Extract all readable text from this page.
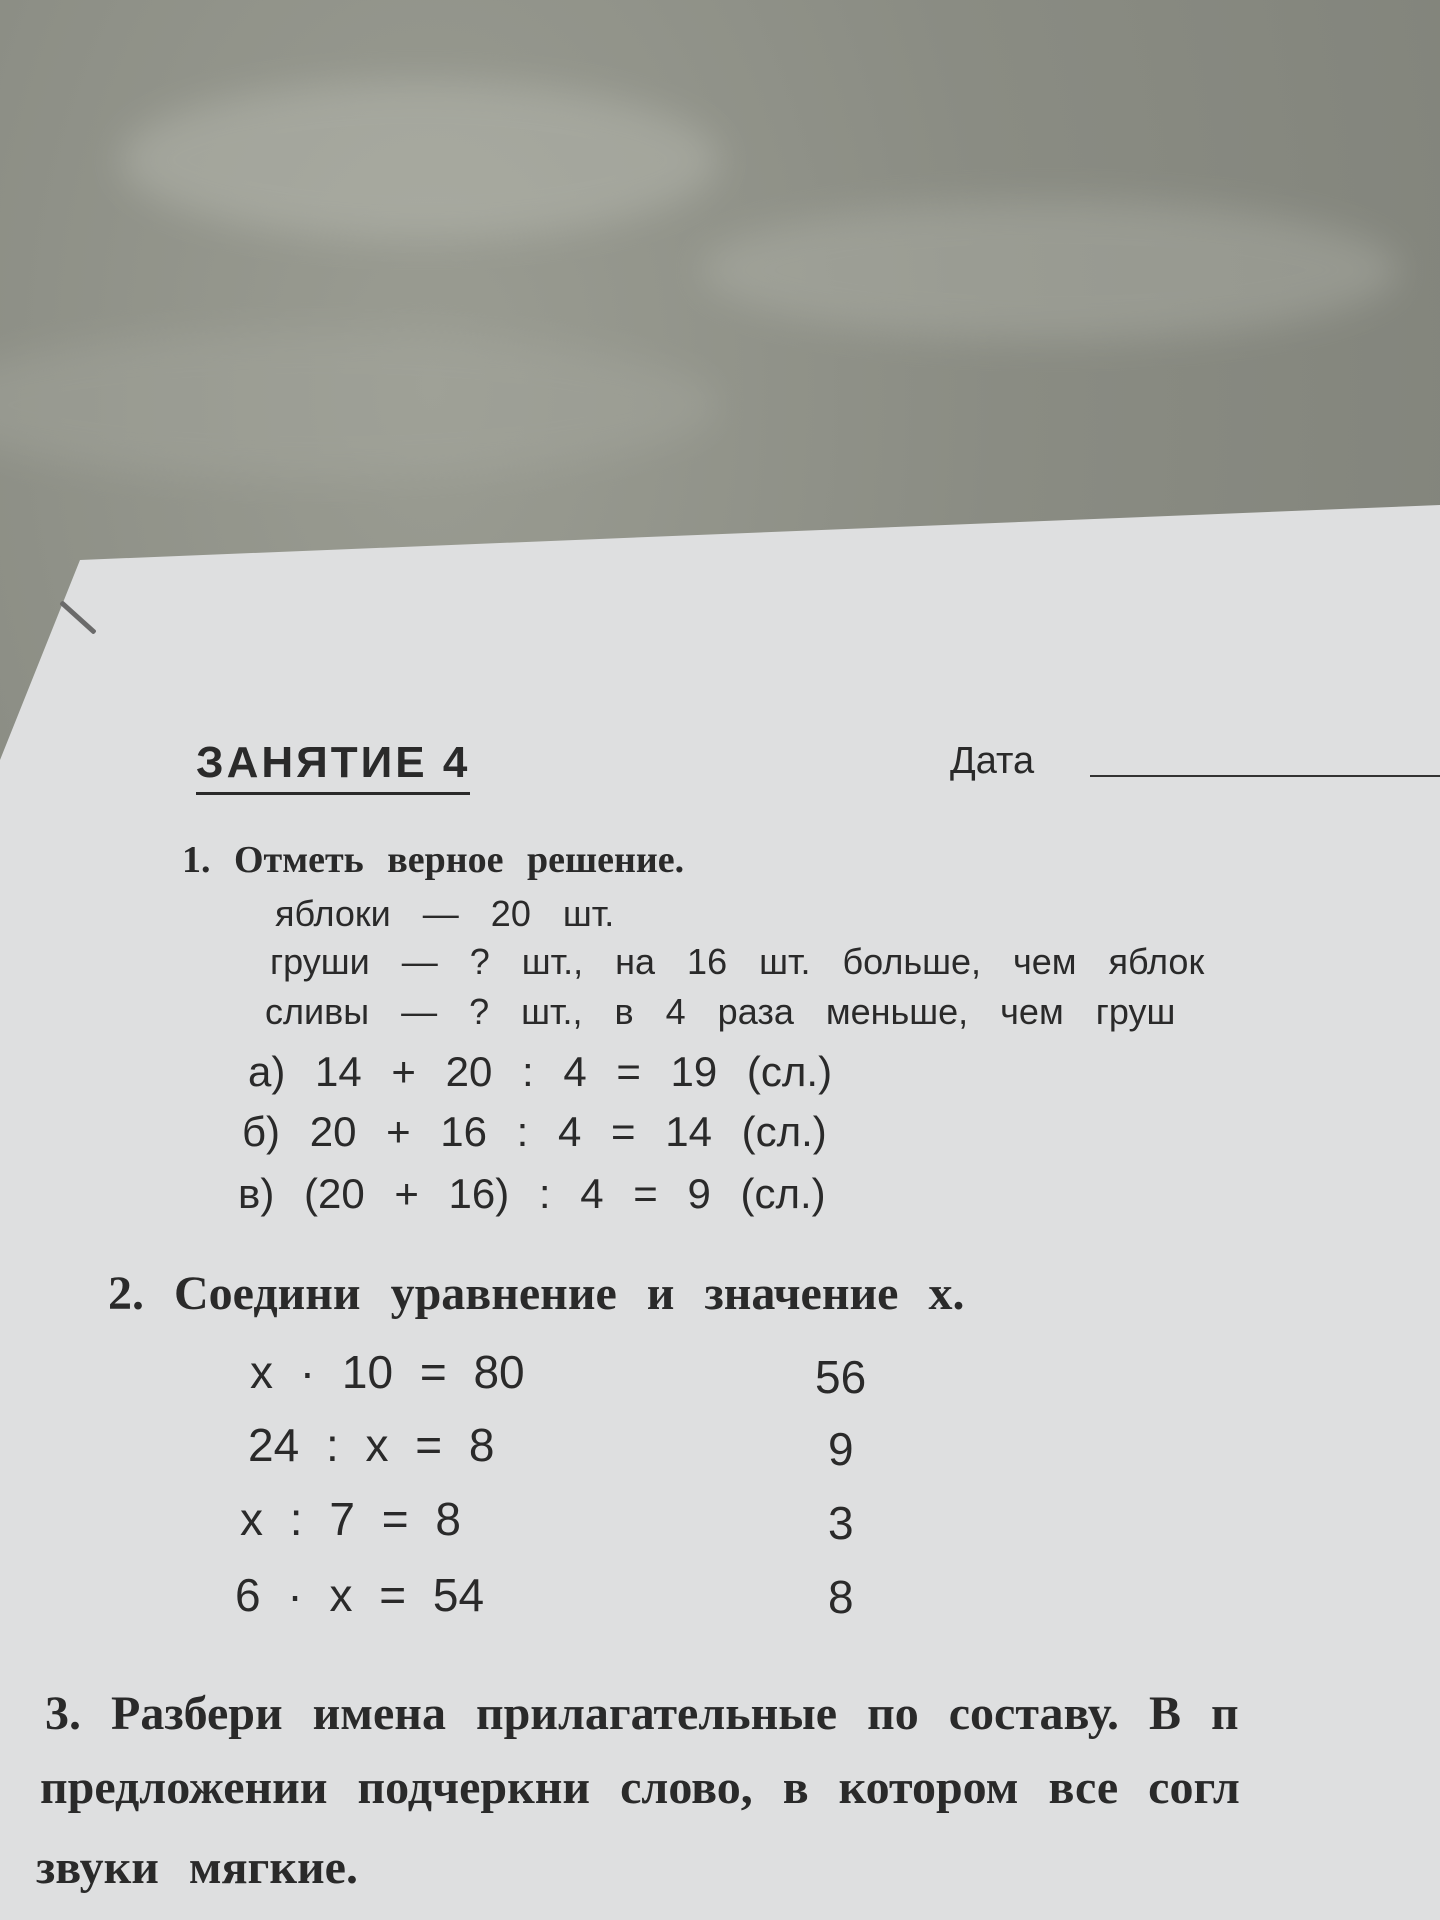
ЗАНЯТИЕ 4	Дата
1. Отметь верное решение.
яблоки — 20 шт.
груши — ? шт., на 16 шт. больше, чем яблок
сливы — ? шт., в 4 раза меньше, чем груш
а) 14 + 20 : 4 = 19 (сл.)
б) 20 + 16 : 4 = 14 (сл.)
в) (20 + 16) : 4 = 9 (сл.)
2. Соедини уравнение и значение х.
х · 10 = 80
24 : х = 8
х : 7 = 8
6 · х = 54
56
9
3
8
3. Разбери имена прилагательные по составу. В п
предложении подчеркни слово, в котором все согл
звуки мягкие.
